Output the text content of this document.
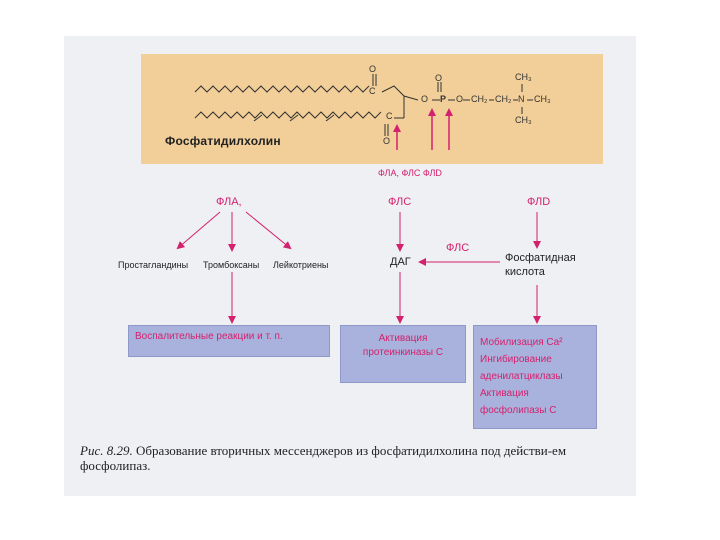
O
C
C
O
O
O
P O CH₂ CH₂ N
CH₃
CH₃
CH₃
Фосфатидилхолин
ФЛА, ФЛС ФЛD
ФЛА,	ФЛС	ФЛD
ФЛС
Простагландины Тромбоксаны Лейкотриены	ДАГ	Фосфатидная
кислота
Воспалительные реакции и т. п.	Активация
протеинкиназы С
Мобилизация Ca²
Ингибирование
аденилатциклазы
Активация
фосфолипазы С
Рис. 8.29. Образование вторичных мессенджеров из фосфатидилхолина под действи-ем фосфолипаз.
